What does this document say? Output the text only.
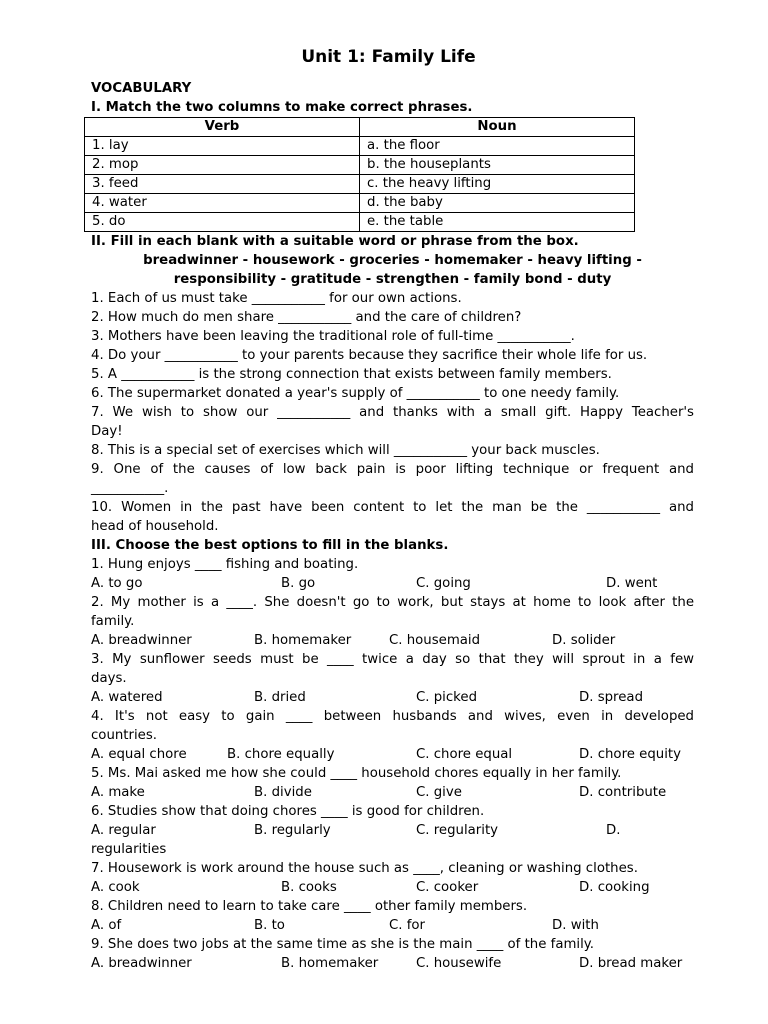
Unit 1: Family Life
VOCABULARY
I. Match the two columns to make correct phrases.
Verb	Noun
1. lay	a. the floor
2. mop	b. the houseplants
3. feed	c. the heavy lifting
4. water	d. the baby
5. do	e. the table
II. Fill in each blank with a suitable word or phrase from the box.
breadwinner - housework - groceries - homemaker - heavy lifting -
responsibility - gratitude - strengthen - family bond - duty
1. Each of us must take ___________ for our own actions.
2. How much do men share ___________ and the care of children?
3. Mothers have been leaving the traditional role of full-time ___________.
4. Do your ___________ to your parents because they sacrifice their whole life for us.
5. A ___________ is the strong connection that exists between family members.
6. The supermarket donated a year's supply of ___________ to one needy family.
7. We wish to show our ___________ and thanks with a small gift. Happy Teacher's
Day!
8. This is a special set of exercises which will ___________ your back muscles.
9. One of the causes of low back pain is poor lifting technique or frequent and
___________.
10. Women in the past have been content to let the man be the ___________ and
head of household.
III. Choose the best options to fill in the blanks.
1. Hung enjoys ____ fishing and boating.
A. to go	B. go	C. going	D. went
2. My mother is a ____. She doesn't go to work, but stays at home to look after the
family.
A. breadwinner	B. homemaker	C. housemaid	D. solider
3. My sunflower seeds must be ____ twice a day so that they will sprout in a few
days.
A. watered	B. dried	C. picked	D. spread
4. It's not easy to gain ____ between husbands and wives, even in developed
countries.
A. equal chore	B. chore equally	C. chore equal	D. chore equity
5. Ms. Mai asked me how she could ____ household chores equally in her family.
A. make	B. divide	C. give	D. contribute
6. Studies show that doing chores ____ is good for children.
A. regular	B. regularly	C. regularity	D.
regularities
7. Housework is work around the house such as ____, cleaning or washing clothes.
A. cook	B. cooks	C. cooker	D. cooking
8. Children need to learn to take care ____ other family members.
A. of	B. to	C. for	D. with
9. She does two jobs at the same time as she is the main ____ of the family.
A. breadwinner	B. homemaker	C. housewife	D. bread maker
